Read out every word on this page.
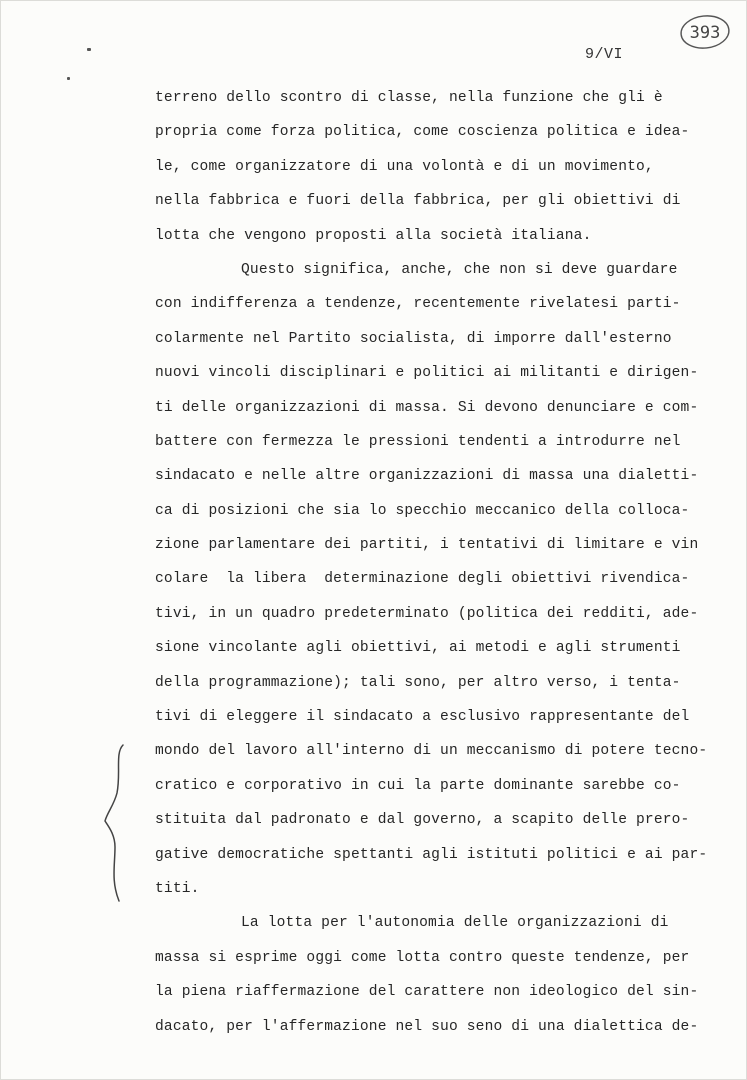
9/VI
393
terreno dello scontro di classe, nella funzione che gli è
propria come forza politica, come coscienza politica e idea-
le, come organizzatore di una volontà e di un movimento,
nella fabbrica e fuori della fabbrica, per gli obiettivi di
lotta che vengono proposti alla società italiana.
Questo significa, anche, che non si deve guardare
con indifferenza a tendenze, recentemente rivelatesi parti-
colarmente nel Partito socialista, di imporre dall'esterno
nuovi vincoli disciplinari e politici ai militanti e dirigen-
ti delle organizzazioni di massa. Si devono denunciare e com-
battere con fermezza le pressioni tendenti a introdurre nel
sindacato e nelle altre organizzazioni di massa una dialetti-
ca di posizioni che sia lo specchio meccanico della colloca-
zione parlamentare dei partiti, i tentativi di limitare e vin
colare  la libera  determinazione degli obiettivi rivendica-
tivi, in un quadro predeterminato (politica dei redditi, ade-
sione vincolante agli obiettivi, ai metodi e agli strumenti
della programmazione); tali sono, per altro verso, i tenta-
tivi di eleggere il sindacato a esclusivo rappresentante del
mondo del lavoro all'interno di un meccanismo di potere tecno-
cratico e corporativo in cui la parte dominante sarebbe co-
stituita dal padronato e dal governo, a scapito delle prero-
gative democratiche spettanti agli istituti politici e ai par-
titi.
La lotta per l'autonomia delle organizzazioni di
massa si esprime oggi come lotta contro queste tendenze, per
la piena riaffermazione del carattere non ideologico del sin-
dacato, per l'affermazione nel suo seno di una dialettica de-
